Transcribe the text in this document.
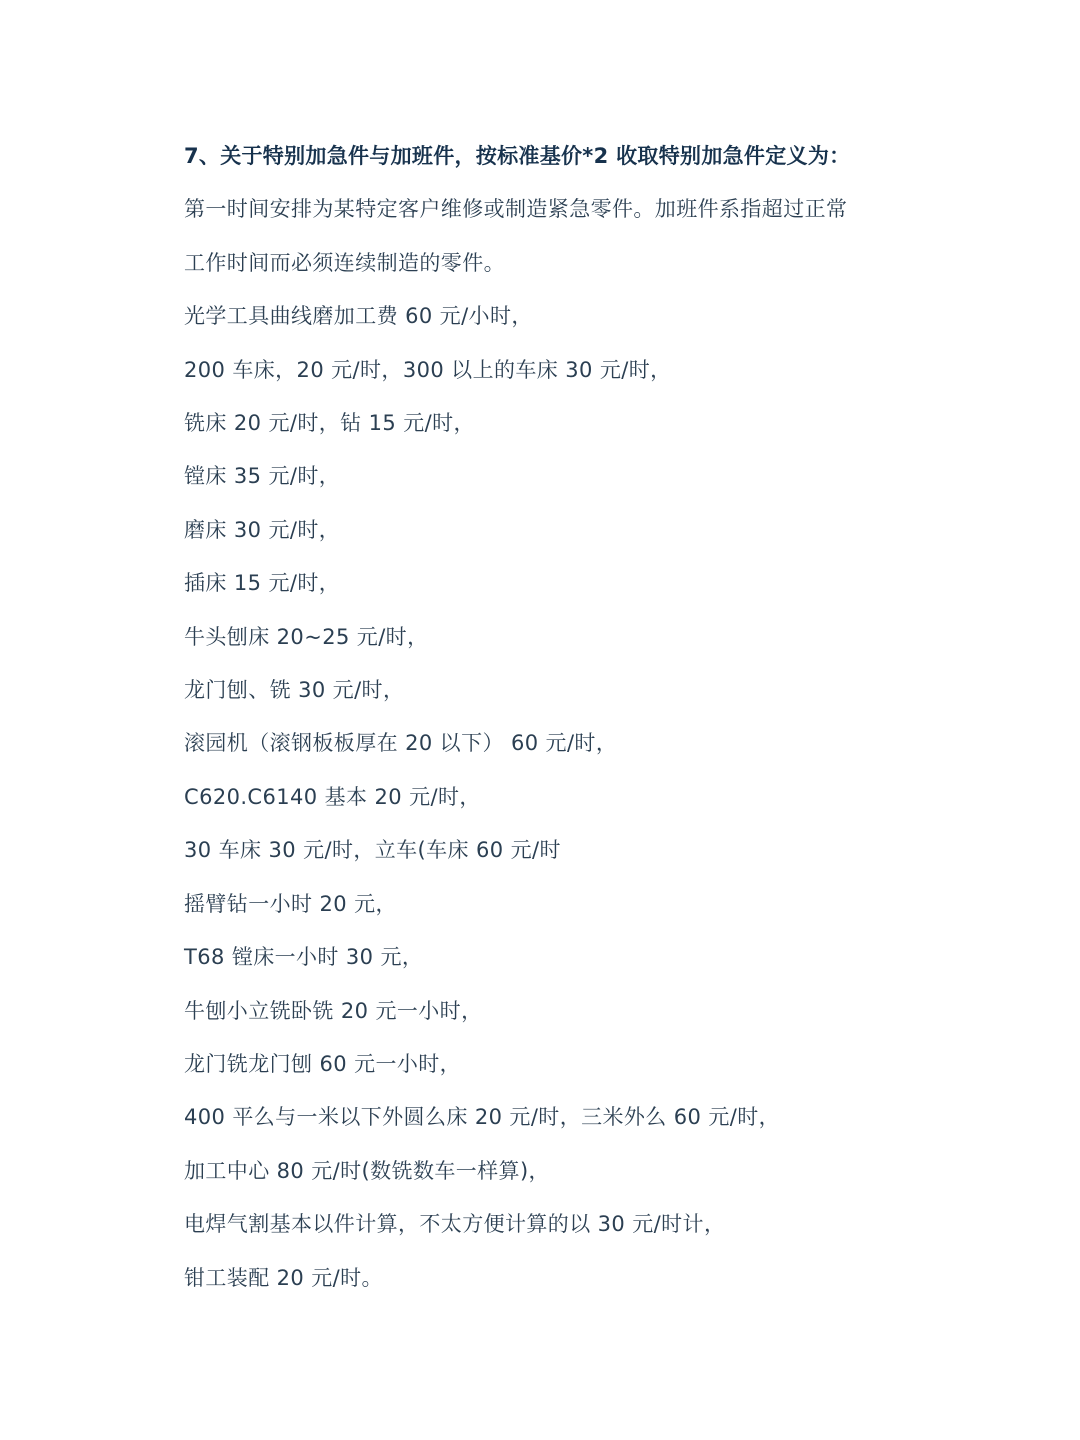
7、关于特别加急件与加班件，按标准基价*2 收取特别加急件定义为：
第一时间安排为某特定客户维修或制造紧急零件。加班件系指超过正常
工作时间而必须连续制造的零件。
光学工具曲线磨加工费 60 元/小时，
200 车床，20 元/时，300 以上的车床 30 元/时，
铣床 20 元/时，钻 15 元/时，
镗床 35 元/时，
磨床 30 元/时，
插床 15 元/时，
牛头刨床 20~25 元/时，
龙门刨、铣 30 元/时，
滚园机（滚钢板板厚在 20 以下） 60 元/时，
C620.C6140 基本 20 元/时，
30 车床 30 元/时，立车(车床 60 元/时
摇臂钻一小时 20 元，
T68 镗床一小时 30 元，
牛刨小立铣卧铣 20 元一小时，
龙门铣龙门刨 60 元一小时，
400 平么与一米以下外圆么床 20 元/时，三米外么 60 元/时，
加工中心 80 元/时(数铣数车一样算)，
电焊气割基本以件计算，不太方便计算的以 30 元/时计，
钳工装配 20 元/时。
